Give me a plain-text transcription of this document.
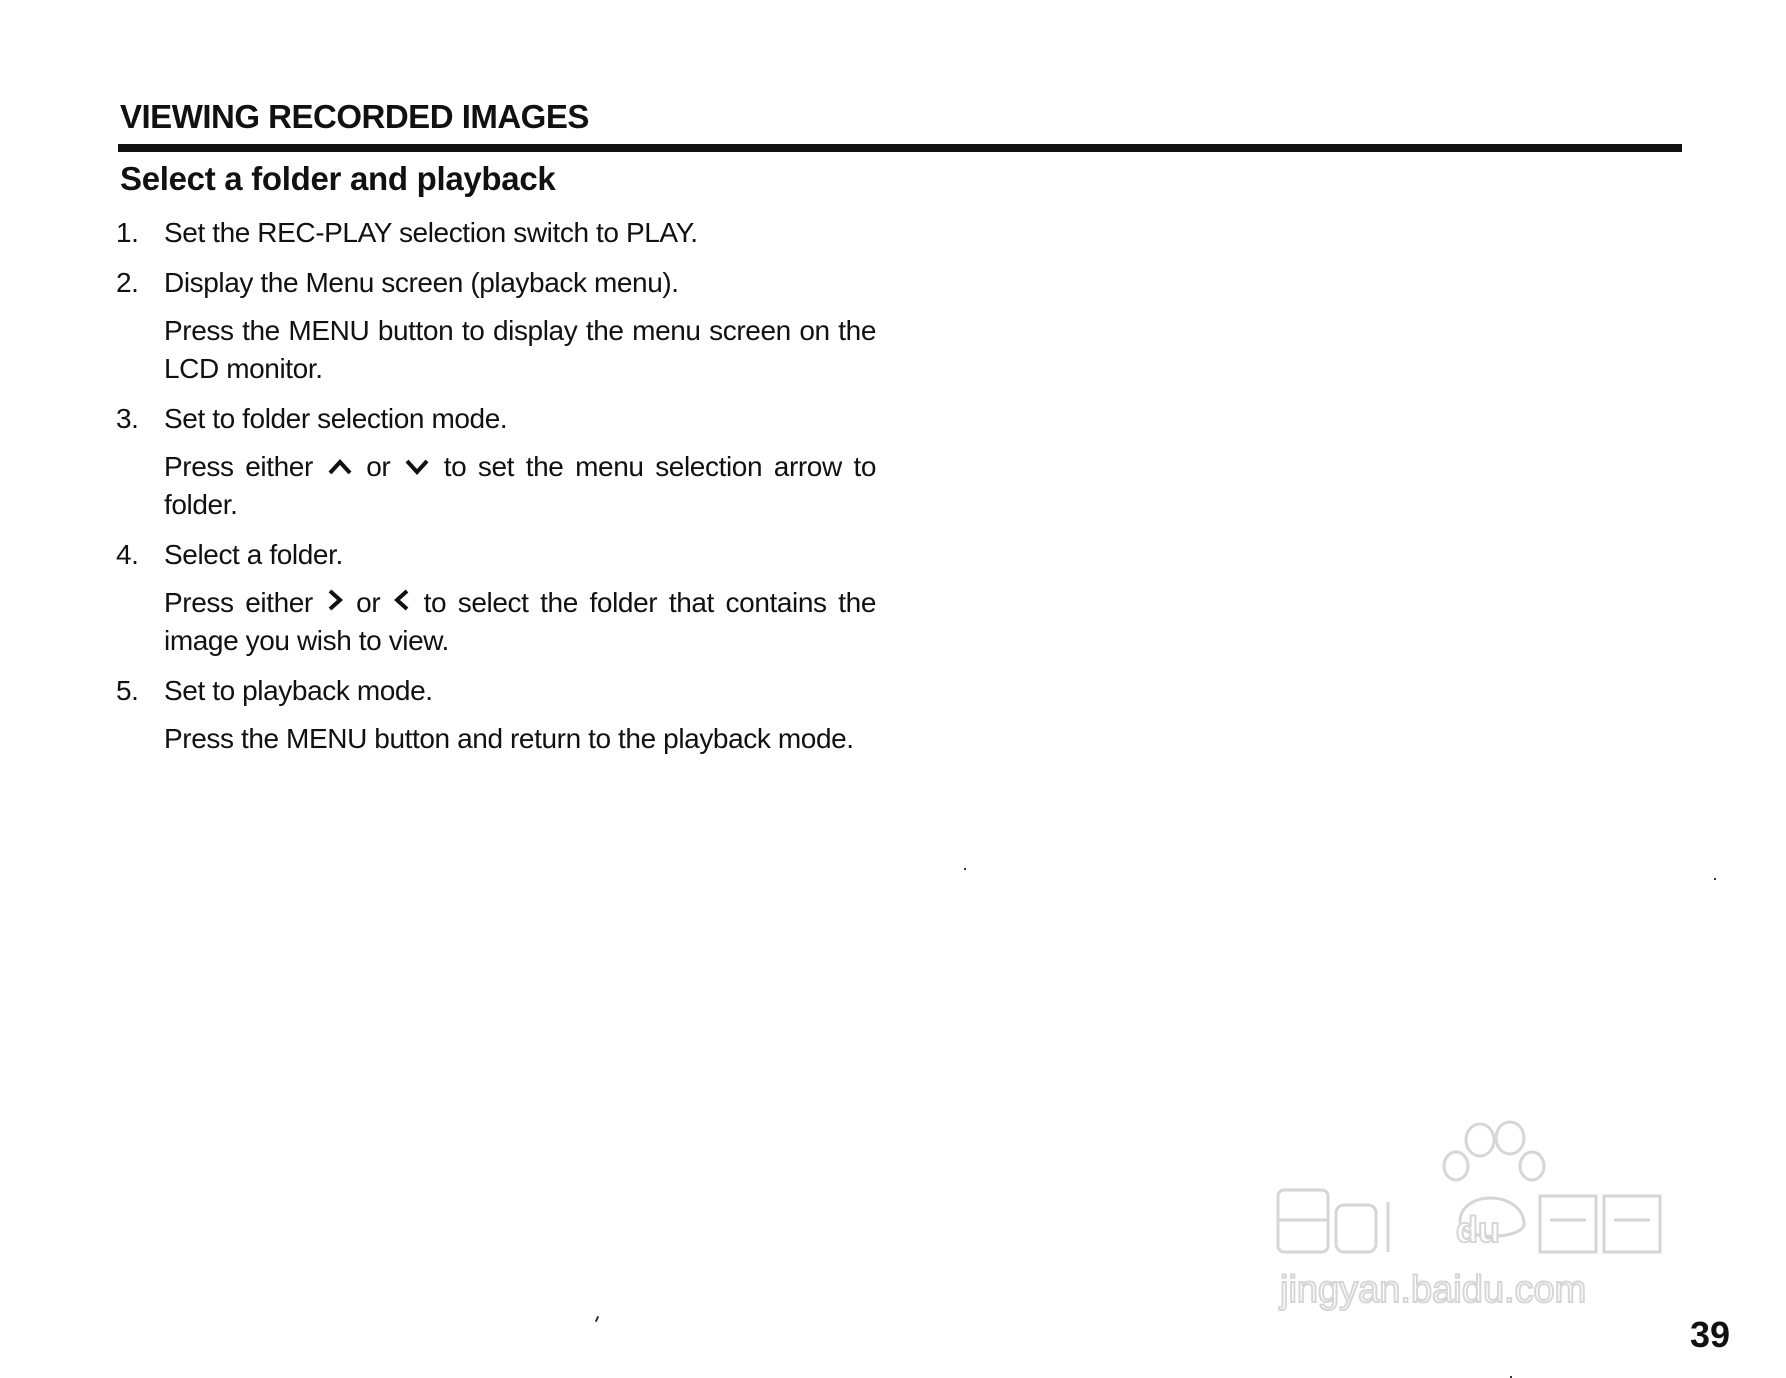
VIEWING RECORDED IMAGES
Select a folder and playback
1. Set the REC-PLAY selection switch to PLAY.
2. Display the Menu screen (playback menu).
Press the MENU button to display the menu screen on the LCD monitor.
3. Set to folder selection mode.
Press either or to set the menu selection arrow to folder.
4. Select a folder.
Press either or to select the folder that contains the image you wish to view.
5. Set to playback mode.
Press the MENU button and return to the playback mode.
du
jingyan.baidu.com
39
